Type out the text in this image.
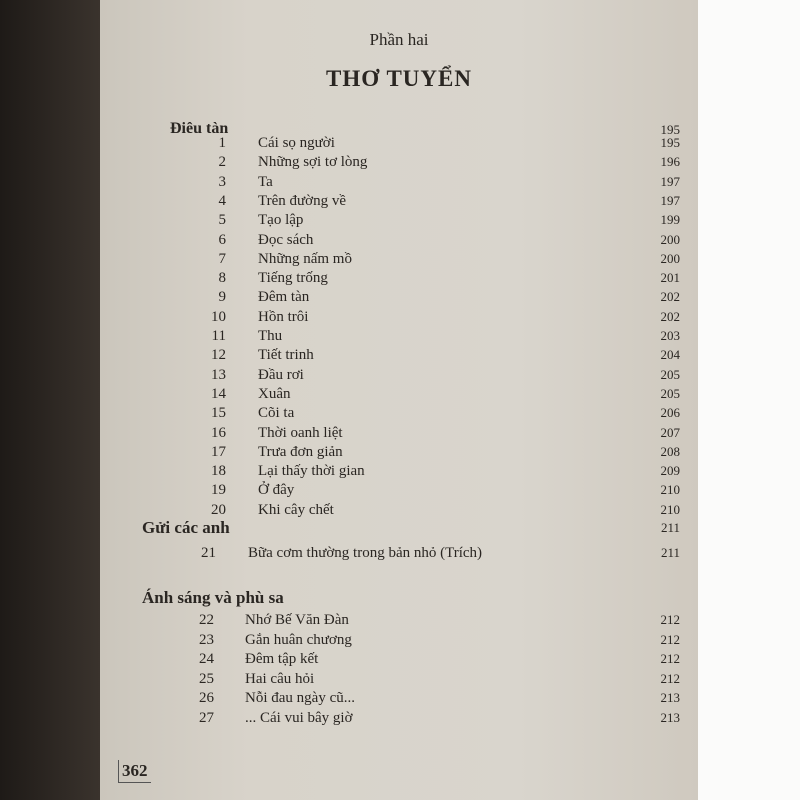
Phần hai
THƠ TUYỂN
Điêu tàn	195
1 Cái sọ người	195
2 Những sợi tơ lòng	196
3 Ta	197
4 Trên đường về	197
5 Tạo lập	199
6 Đọc sách	200
7 Những nấm mồ	200
8 Tiếng trống	201
9 Đêm tàn	202
10 Hồn trôi	202
11 Thu	203
12 Tiết trinh	204
13 Đầu rơi	205
14 Xuân	205
15 Cõi ta	206
16 Thời oanh liệt	207
17 Trưa đơn giản	208
18 Lại thấy thời gian	209
19 Ở đây	210
20 Khi cây chết	210
Gửi các anh	211
21 Bữa cơm thường trong bản nhỏ (Trích)	211
Ánh sáng và phù sa
22 Nhớ Bế Văn Đàn	212
23 Gắn huân chương	212
24 Đêm tập kết	212
25 Hai câu hỏi	212
26 Nỗi đau ngày cũ...	213
27 ... Cái vui bây giờ	213
362
